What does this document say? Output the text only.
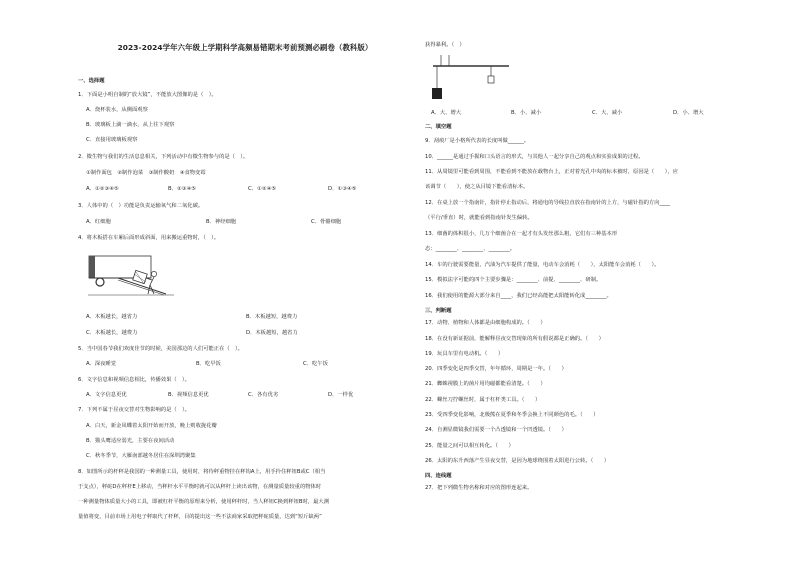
2023-2024学年六年级上学期科学高频易错期末考前预测必刷卷（教科版）
一、选择题
1．下面是小明自制的“放大镜”，不能放大图像的是（　）。
A．烧杯装水，从侧面观察
B．玻璃板上滴一滴水，从上往下观察
C．直接用玻璃板观察
2．微生物与我们的生活息息相关，下列活动中有微生物参与的是（　）。
①制作面包　②制作泡菜　③制作酸奶　④食物变霉
A．①②③④⑤	B．②③④⑤	C．①②④⑤	D．①③④⑤
3．人体中的（　）功能是负责运输氧气和二氧化碳。
A．红细胞	B．神经细胞	C．骨骼细胞
4．将木板搭在车厢后面形成斜面，用来搬运重物时，（　）。
A．木板越长，越省力	B．木板越短，越费力
C．木板越长，越费力	D．木板越短，越省力
5．当中国春节我们欢度佳节的时候，美国那边的人们可能正在（　）。
A．深夜睡觉	B．吃早饭	C．吃午饭
6．文字信息和视频信息相比，传播效果（　）。
A．文字信息更优	B．视频信息更优	C．各有优劣	D．一样优
7．下列不属于昼夜交替对生物影响的是（　）。
A．白天，新金凤蝶着太阳开始而开放，晚上则收拢花瓣
B．猫头鹰适应弱光，主要在夜间活动
C．秋冬季节，大雁南部越冬居住在深圳湾聚集
8．如图所示的杆秤是我国的一种测量工具，使用时，将待秤重物挂在秤钩A上，用手拎住秤钮B或C（相当
于支点），秤砣D在秤杆E上移动，当秤杆水平平衡时就可以从秤杆上读出该物，在测量质量较重的物体时
一种测量物体质量大小的工具，即被杠杆平衡的原理来分析，使用秤杆时，当人秤钮C换到秤钮B时，最大测
量值将变，目前市场上用电子秤取代了杆秤，目的提出这一些不法商家采取把秤砣质量，达到“短斤缺两”
获得暴利。（　）
A．大、增大	B．小、减小	C．大、减小	D．小、增大
二、填空题
9．刮痕厂是小格所代表的长度叫做______。
10．______是通过手握和口头语言的形式，与其他人一起分享自己的观点和实验成果的过程。
11．从周镜里可能看到周围，不能看到不能放在载物台上，正对着光孔中央的标本被时，原因是（　　），应
该调节（　　），使之从目镜下能看清标本。
12．在桌上放一个指南针，指针停止指动后，将通电的导线拉直放在指南针的上方，与磁针指的方向____
（平行/垂直）时，就能看到指南针发生偏转。
13．细菌的体积很小，几万个细菌合在一起才有头发丝那么粗，它们有三种基本形
态：________、________、________。
14．车的行驶需要能量，汽油为汽车提供了能量，电动车会消耗（　　），太阳能车会消耗（　　）。
15．模拟法字可能的四个主要步骤是：________、前提、________、研制。
16．我们使用的能源大部分来自____，我们已经高能把太阳能转化成________。
三、判断题
17．动物、植物和人体都是由细胞构成的。（　　）
18．在没有新证据前，能解释昼夜交替现象的所有假说都是正确的。（　　）
19．玩具车里有电动机。（　　）
20．四季变化是四季交替，年年循环，周期是一年。（　　）
21．蜘蛛视膜上的菌片用均磁都能看清楚。（　　）
22．螺丝刀拧螺丝时，属于杠杆类工具。（　　）
23．受四季变化影响，北极熊在夏季和冬季会换上不同颜色的毛。（　　）
24．自测显微镜我们需要一个凸透镜和一个凹透镜。（　　）
25．能量之间可以相互转化。（　　）
26．太阳的东升西落产生昼夜交替，是因为地球绕围着太阳进行公转。（　　）
四、连线题
27．把下列微生物名称和对应的图形连起来。
